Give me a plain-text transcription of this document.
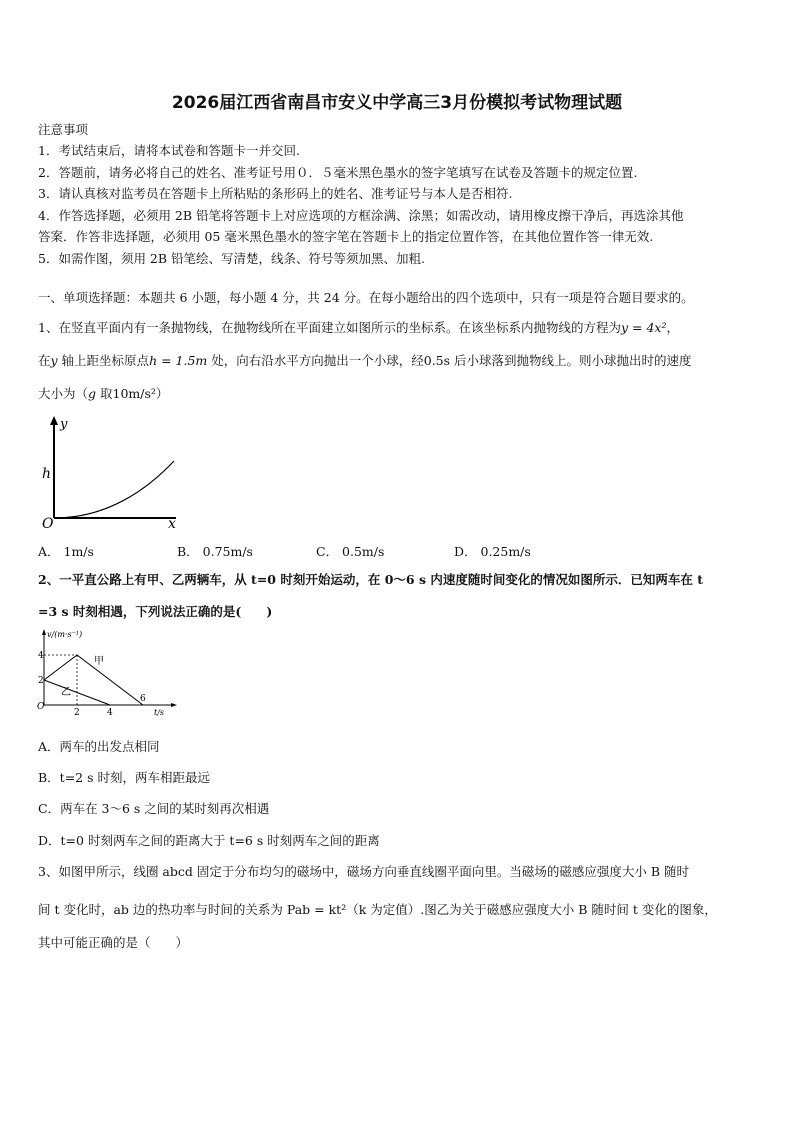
2026届江西省南昌市安义中学高三3月份模拟考试物理试题
注意事项
1．考试结束后，请将本试卷和答题卡一并交回.
2．答题前，请务必将自己的姓名、准考证号用０．５毫米黑色墨水的签字笔填写在试卷及答题卡的规定位置.
3．请认真核对监考员在答题卡上所粘贴的条形码上的姓名、准考证号与本人是否相符.
4．作答选择题，必须用 2B 铅笔将答题卡上对应选项的方框涂满、涂黑；如需改动，请用橡皮擦干净后，再选涂其他
答案．作答非选择题，必须用 05 毫米黑色墨水的签字笔在答题卡上的指定位置作答，在其他位置作答一律无效.
5．如需作图，须用 2B 铅笔绘、写清楚，线条、符号等须加黑、加粗.
一、单项选择题：本题共 6 小题，每小题 4 分，共 24 分。在每小题给出的四个选项中，只有一项是符合题目要求的。
1、在竖直平面内有一条抛物线，在抛物线所在平面建立如图所示的坐标系。在该坐标系内抛物线的方程为y = 4x²，
在y 轴上距坐标原点h = 1.5m 处，向右沿水平方向抛出一个小球，经0.5s 后小球落到抛物线上。则小球抛出时的速度
大小为（g 取10m/s²）
y
h
O	x
A． 1m/s	B． 0.75m/s	C． 0.5m/s	D． 0.25m/s
2、一平直公路上有甲、乙两辆车，从 t=0 时刻开始运动，在 0～6 s 内速度随时间变化的情况如图所示．已知两车在 t
=3 s 时刻相遇，下列说法正确的是(　　)
v/(m·s⁻¹)
t/s
O
4
2
2	4
6
甲
乙
A．两车的出发点相同
B．t=2 s 时刻，两车相距最远
C．两车在 3～6 s 之间的某时刻再次相遇
D．t=0 时刻两车之间的距离大于 t=6 s 时刻两车之间的距离
3、如图甲所示，线圈 abcd 固定于分布均匀的磁场中，磁场方向垂直线圈平面向里。当磁场的磁感应强度大小 B 随时
间 t 变化时，ab 边的热功率与时间的关系为 Pab = kt²（k 为定值）.图乙为关于磁感应强度大小 B 随时间 t 变化的图象，
其中可能正确的是（　　）
